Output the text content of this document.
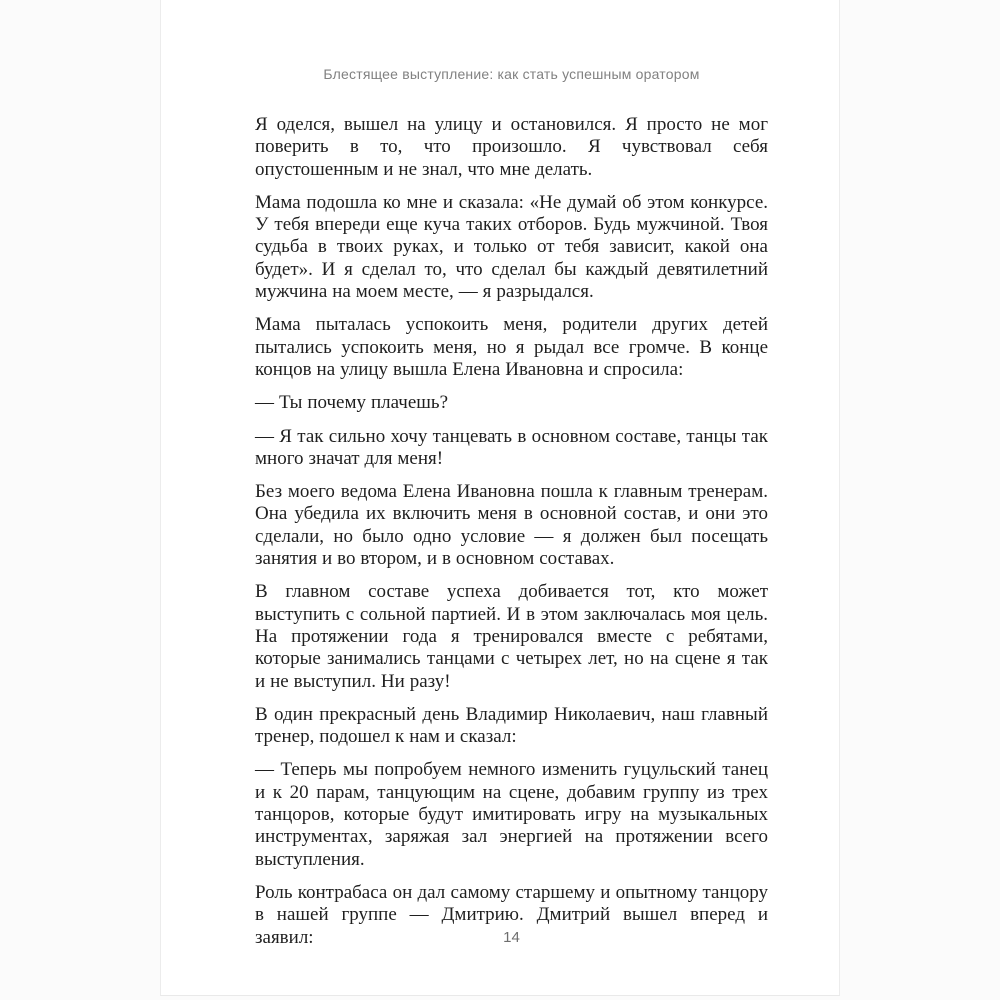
Блестящее выступление: как стать успешным оратором

Я оделся, вышел на улицу и остановился. Я просто не мог поверить в то, что произошло. Я чувствовал себя опустошенным и не знал, что мне делать.

Мама подошла ко мне и сказала: «Не думай об этом конкурсе. У тебя впереди еще куча таких отборов. Будь мужчиной. Твоя судьба в твоих руках, и только от тебя зависит, какой она будет». И я сделал то, что сделал бы каждый девятилетний мужчина на моем месте, — я разрыдался.

Мама пыталась успокоить меня, родители других детей пытались успокоить меня, но я рыдал все громче. В конце концов на улицу вышла Елена Ивановна и спросила:

— Ты почему плачешь?

— Я так сильно хочу танцевать в основном составе, танцы так много значат для меня!

Без моего ведома Елена Ивановна пошла к главным тренерам. Она убедила их включить меня в основной состав, и они это сделали, но было одно условие — я должен был посещать занятия и во втором, и в основном составах.

В главном составе успеха добивается тот, кто может выступить с сольной партией. И в этом заключалась моя цель. На протяжении года я тренировался вместе с ребятами, которые занимались танцами с четырех лет, но на сцене я так и не выступил. Ни разу!

В один прекрасный день Владимир Николаевич, наш главный тренер, подошел к нам и сказал:

— Теперь мы попробуем немного изменить гуцульский танец и к 20 парам, танцующим на сцене, добавим группу из трех танцоров, которые будут имитировать игру на музыкальных инструментах, заряжая зал энергией на протяжении всего выступления.

Роль контрабаса он дал самому старшему и опытному танцору в нашей группе — Дмитрию. Дмитрий вышел вперед и заявил:	14
